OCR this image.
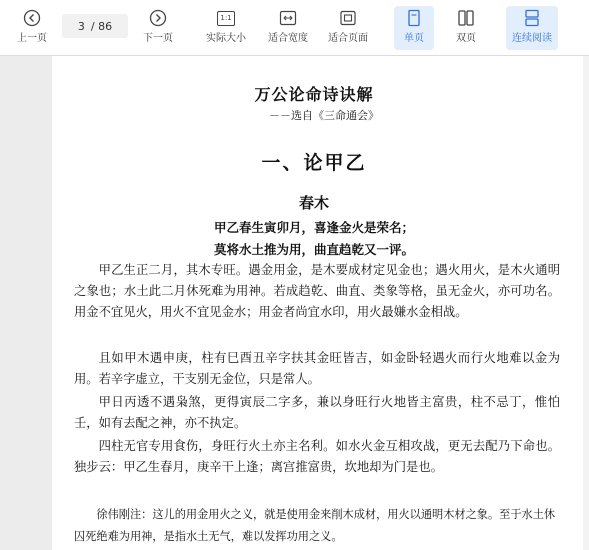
上一页
3 / 86
下一页
1:1
实际大小 适合宽度 适合页面	单页	双页	连续阅读
万公论命诗诀解
－－选自《三命通会》
一、论甲乙
春木
甲乙春生寅卯月，喜逢金火是荣名；
莫将水土推为用，曲直趋乾又一评。
甲乙生正二月，其木专旺。遇金用金，是木要成材定见金也；遇火用火，是木火通明之象也；水土此二月休死难为用神。若成趋乾、曲直、类象等格，虽无金火，亦可功名。用金不宜见火，用火不宜见金水；用金者尚宜水印，用火最嫌水金相战。
且如甲木遇申庚，柱有巳酉丑辛字扶其金旺皆吉，如金卧轻遇火而行火地难以金为用。若辛字虚立，干支别无金位，只是常人。
甲日丙透不遇枭煞，更得寅辰二字多，兼以身旺行火地皆主富贵，柱不忌丁，惟怕壬，如有去配之神，亦不执定。
四柱无官专用食伤，身旺行火土亦主名利。如水火金互相攻战，更无去配乃下命也。独步云：甲乙生春月，庚辛干上逢；离宫推富贵，坎地却为门是也。
徐伟刚注：这儿的用金用火之义，就是使用金来削木成材，用火以通明木材之象。至于水土休囚死绝难为用神，是指水土无气，难以发挥功用之义。
